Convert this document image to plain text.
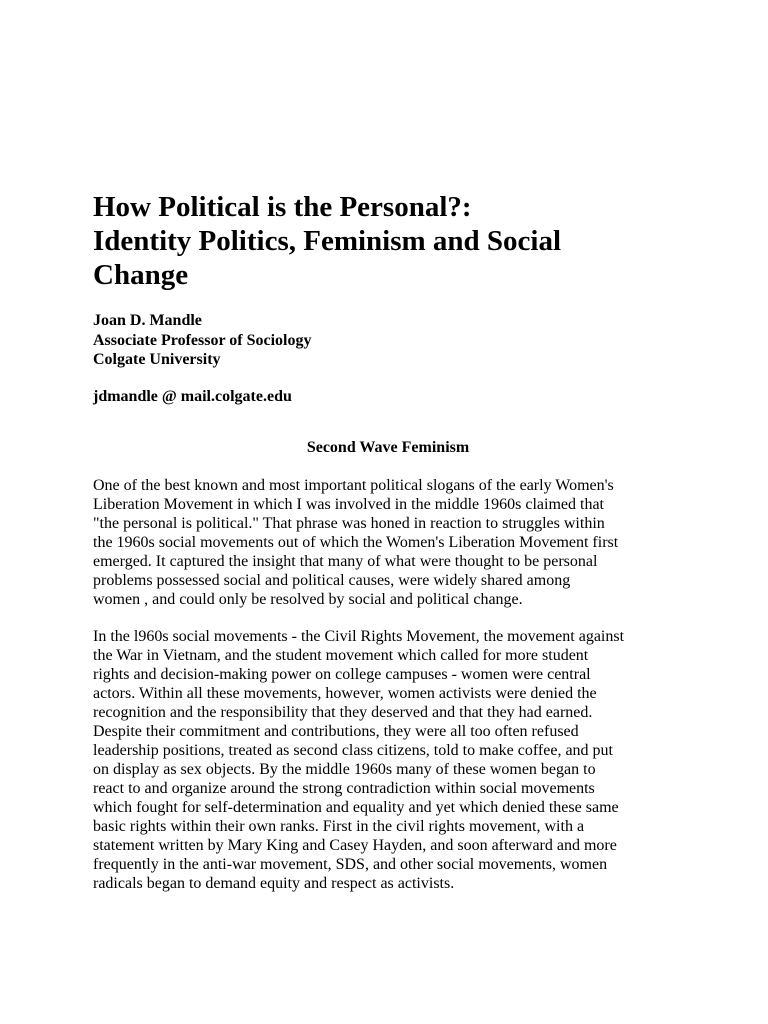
How Political is the Personal?:
Identity Politics, Feminism and Social
Change
Joan D. Mandle
Associate Professor of Sociology
Colgate University
jdmandle @ mail.colgate.edu
Second Wave Feminism

One of the best known and most important political slogans of the early Women's
Liberation Movement in which I was involved in the middle 1960s claimed that
"the personal is political." That phrase was honed in reaction to struggles within
the 1960s social movements out of which the Women's Liberation Movement first
emerged. It captured the insight that many of what were thought to be personal
problems possessed social and political causes, were widely shared among
women , and could only be resolved by social and political change.

In the l960s social movements - the Civil Rights Movement, the movement against
the War in Vietnam, and the student movement which called for more student
rights and decision-making power on college campuses - women were central
actors. Within all these movements, however, women activists were denied the
recognition and the responsibility that they deserved and that they had earned.
Despite their commitment and contributions, they were all too often refused
leadership positions, treated as second class citizens, told to make coffee, and put
on display as sex objects. By the middle 1960s many of these women began to
react to and organize around the strong contradiction within social movements
which fought for self-determination and equality and yet which denied these same
basic rights within their own ranks. First in the civil rights movement, with a
statement written by Mary King and Casey Hayden, and soon afterward and more
frequently in the anti-war movement, SDS, and other social movements, women
radicals began to demand equity and respect as activists.
